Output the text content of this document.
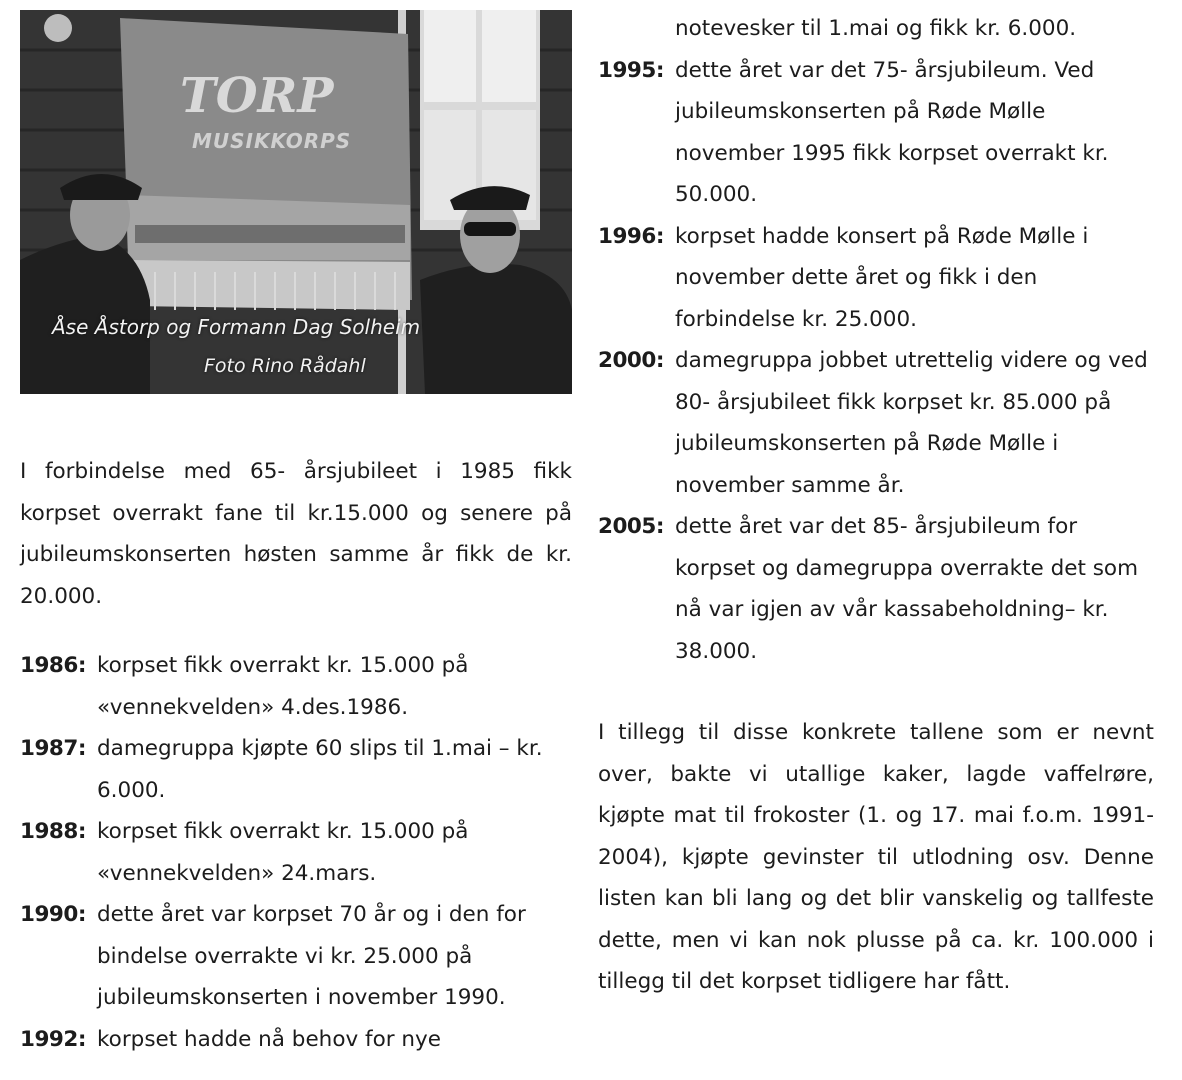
TORP
MUSIKKORPS
Åse Åstorp og Formann Dag Solheim
Foto Rino Rådahl

I forbindelse med 65- årsjubileet i 1985 fikk korpset overrakt fane til kr.15.000 og senere på jubileumskonserten høsten samme år fikk de kr. 20.000.

1986: korpset fikk overrakt kr. 15.000 på «vennekvelden» 4.des.1986.
1987: damegruppa kjøpte 60 slips til 1.mai – kr. 6.000.
1988: korpset fikk overrakt kr. 15.000 på «vennekvelden» 24.mars.
1990: dette året var korpset 70 år og i den for bindelse overrakte vi kr. 25.000 på jubileumskonserten i november 1990.
1992: korpset hadde nå behov for nye
notevesker til 1.mai og fikk kr. 6.000.
1995: dette året var det 75- årsjubileum. Ved jubileumskonserten på Røde Mølle november 1995 fikk korpset overrakt kr. 50.000.
1996: korpset hadde konsert på Røde Mølle i november dette året og fikk i den forbindelse kr. 25.000.
2000: damegruppa jobbet utrettelig videre og ved 80- årsjubileet fikk korpset kr. 85.000 på jubileumskonserten på Røde Mølle i november samme år.
2005: dette året var det 85- årsjubileum for korpset og damegruppa overrakte det som nå var igjen av vår kassabeholdning– kr. 38.000.

I tillegg til disse konkrete tallene som er nevnt over, bakte vi utallige kaker, lagde vaffelrøre, kjøpte mat til frokoster (1. og 17. mai f.o.m. 1991-2004), kjøpte gevinster til utlodning osv. Denne listen kan bli lang og det blir vanskelig og tallfeste dette, men vi kan nok plusse på ca. kr. 100.000 i tillegg til det korpset tidligere har fått.
